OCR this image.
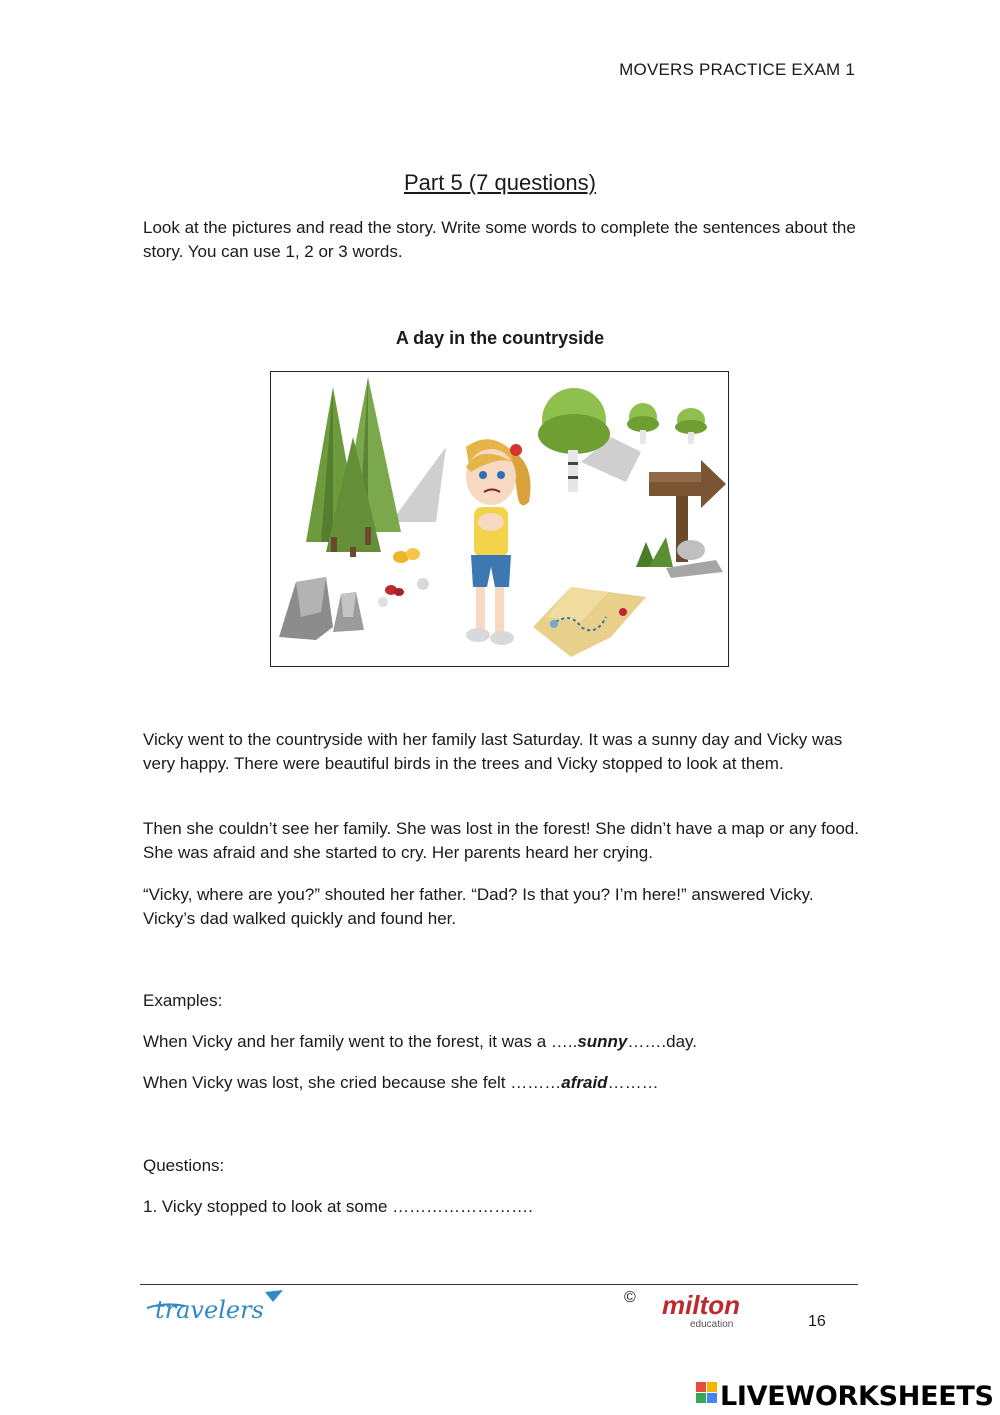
MOVERS PRACTICE EXAM 1
Part 5 (7 questions)
Look at the pictures and read the story. Write some words to complete the sentences about the story. You can use 1, 2 or 3 words.
A day in the countryside
Vicky went to the countryside with her family last Saturday. It was a sunny day and Vicky was very happy. There were beautiful birds in the trees and Vicky stopped to look at them.
Then she couldn’t see her family. She was lost in the forest! She didn’t have a map or any food. She was afraid and she started to cry. Her parents heard her crying.
“Vicky, where are you?” shouted her father. “Dad? Is that you? I’m here!” answered Vicky. Vicky’s dad walked quickly and found her.
Examples:
When Vicky and her family went to the forest, it was a …..sunny…….day.
When Vicky was lost, she cried because she felt ………afraid………
Questions:
1. Vicky stopped to look at some …………………….
travelers	© milton
education	16
LIVEWORKSHEETS
